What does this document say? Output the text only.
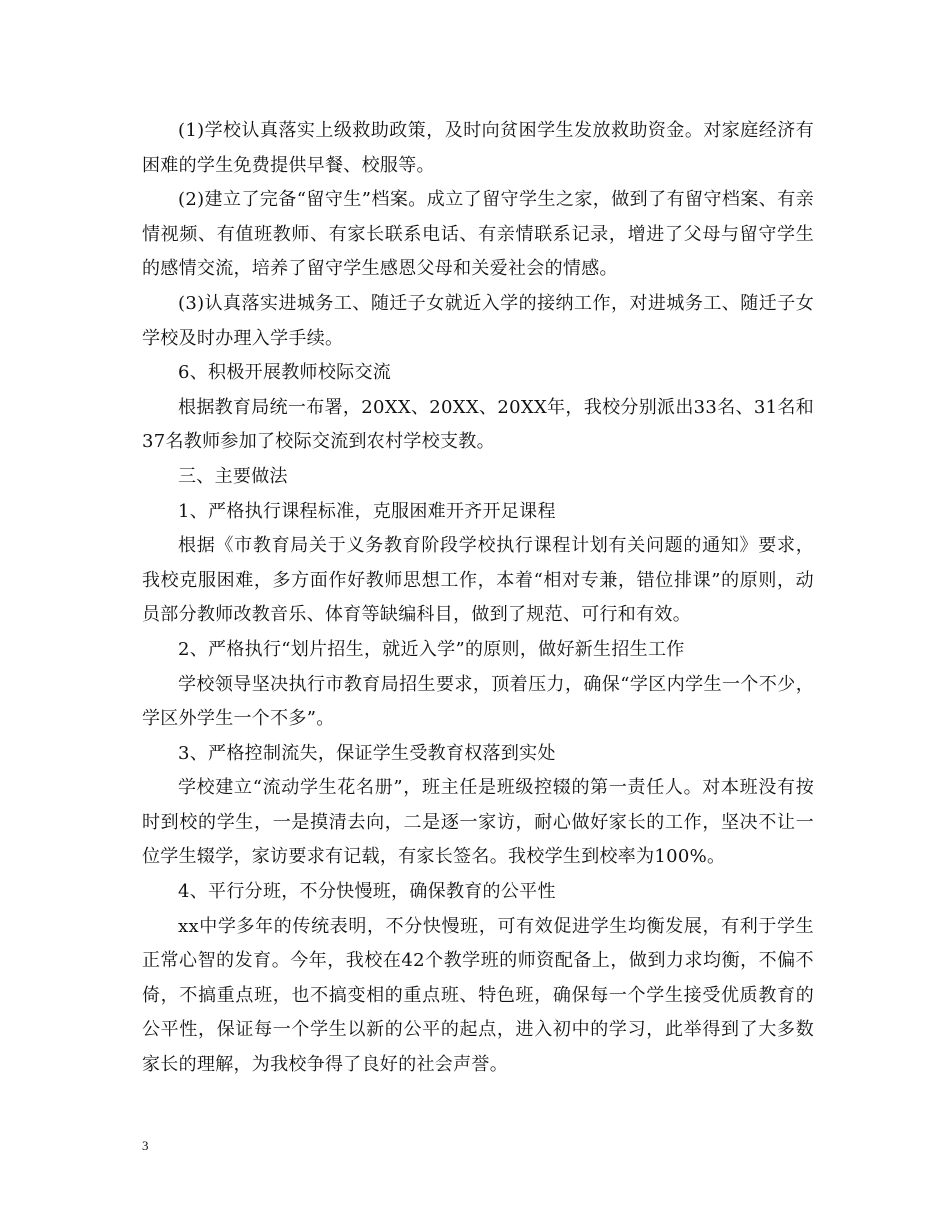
(1)学校认真落实上级救助政策，及时向贫困学生发放救助资金。对家庭经济有困难的学生免费提供早餐、校服等。

(2)建立了完备“留守生”档案。成立了留守学生之家，做到了有留守档案、有亲情视频、有值班教师、有家长联系电话、有亲情联系记录，增进了父母与留守学生的感情交流，培养了留守学生感恩父母和关爱社会的情感。

(3)认真落实进城务工、随迁子女就近入学的接纳工作，对进城务工、随迁子女学校及时办理入学手续。

6、积极开展教师校际交流

根据教育局统一布署，20XX、20XX、20XX年，我校分别派出33名、31名和37名教师参加了校际交流到农村学校支教。

三、主要做法

1、严格执行课程标准，克服困难开齐开足课程

根据《市教育局关于义务教育阶段学校执行课程计划有关问题的通知》要求，我校克服困难，多方面作好教师思想工作，本着“相对专兼，错位排课”的原则，动员部分教师改教音乐、体育等缺编科目，做到了规范、可行和有效。

2、严格执行“划片招生，就近入学”的原则，做好新生招生工作

学校领导坚决执行市教育局招生要求，顶着压力，确保“学区内学生一个不少，学区外学生一个不多”。

3、严格控制流失，保证学生受教育权落到实处

学校建立“流动学生花名册”，班主任是班级控辍的第一责任人。对本班没有按时到校的学生，一是摸清去向，二是逐一家访，耐心做好家长的工作，坚决不让一位学生辍学，家访要求有记载，有家长签名。我校学生到校率为100%。

4、平行分班，不分快慢班，确保教育的公平性

xx中学多年的传统表明，不分快慢班，可有效促进学生均衡发展，有利于学生正常心智的发育。今年，我校在42个教学班的师资配备上，做到力求均衡，不偏不倚，不搞重点班，也不搞变相的重点班、特色班，确保每一个学生接受优质教育的公平性，保证每一个学生以新的公平的起点，进入初中的学习，此举得到了大多数家长的理解，为我校争得了良好的社会声誉。

3
